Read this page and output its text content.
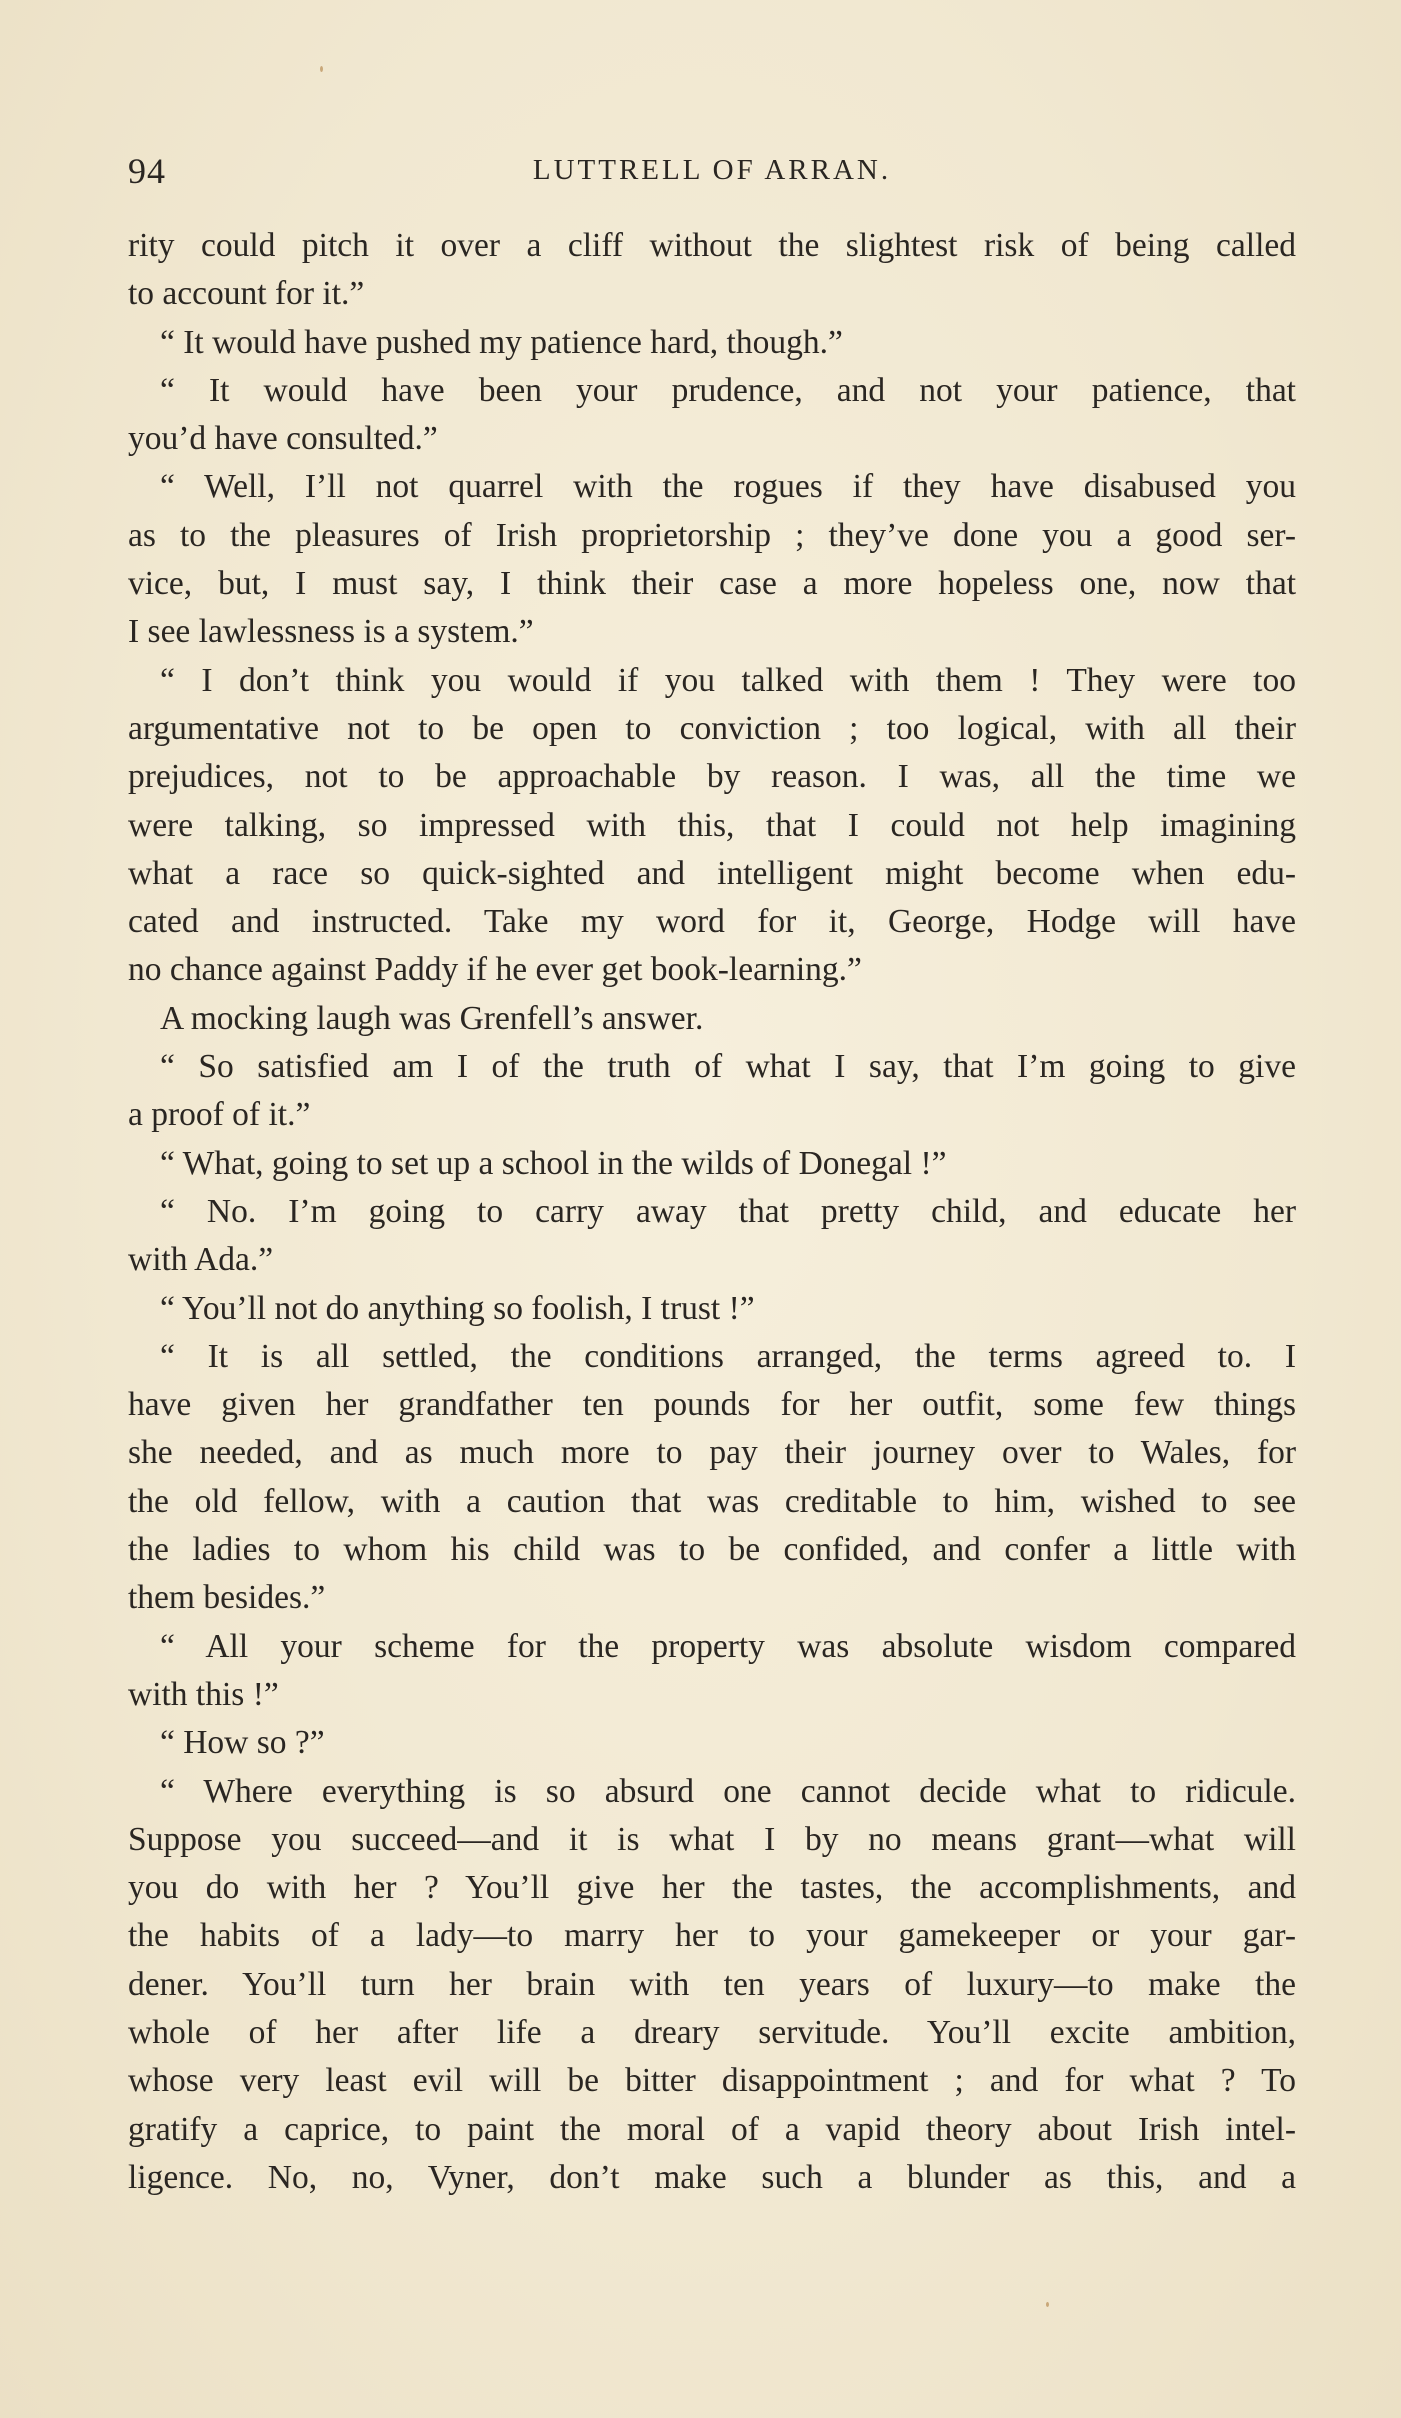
94	LUTTRELL OF ARRAN.
rity could pitch it over a cliff without the slightest risk of being called
to account for it.”
“ It would have pushed my patience hard, though.”
“ It would have been your prudence, and not your patience, that
you’d have consulted.”
“ Well, I’ll not quarrel with the rogues if they have disabused you
as to the pleasures of Irish proprietorship ; they’ve done you a good ser-
vice, but, I must say, I think their case a more hopeless one, now that
I see lawlessness is a system.”
“ I don’t think you would if you talked with them ! They were too
argumentative not to be open to conviction ; too logical, with all their
prejudices, not to be approachable by reason. I was, all the time we
were talking, so impressed with this, that I could not help imagining
what a race so quick-sighted and intelligent might become when edu-
cated and instructed. Take my word for it, George, Hodge will have
no chance against Paddy if he ever get book-learning.”
A mocking laugh was Grenfell’s answer.
“ So satisfied am I of the truth of what I say, that I’m going to give
a proof of it.”
“ What, going to set up a school in the wilds of Donegal !”
“ No. I’m going to carry away that pretty child, and educate her
with Ada.”
“ You’ll not do anything so foolish, I trust !”
“ It is all settled, the conditions arranged, the terms agreed to. I
have given her grandfather ten pounds for her outfit, some few things
she needed, and as much more to pay their journey over to Wales, for
the old fellow, with a caution that was creditable to him, wished to see
the ladies to whom his child was to be confided, and confer a little with
them besides.”
“ All your scheme for the property was absolute wisdom compared
with this !”
“ How so ?”
“ Where everything is so absurd one cannot decide what to ridicule.
Suppose you succeed—and it is what I by no means grant—what will
you do with her ? You’ll give her the tastes, the accomplishments, and
the habits of a lady—to marry her to your gamekeeper or your gar-
dener. You’ll turn her brain with ten years of luxury—to make the
whole of her after life a dreary servitude. You’ll excite ambition,
whose very least evil will be bitter disappointment ; and for what ? To
gratify a caprice, to paint the moral of a vapid theory about Irish intel-
ligence. No, no, Vyner, don’t make such a blunder as this, and a
